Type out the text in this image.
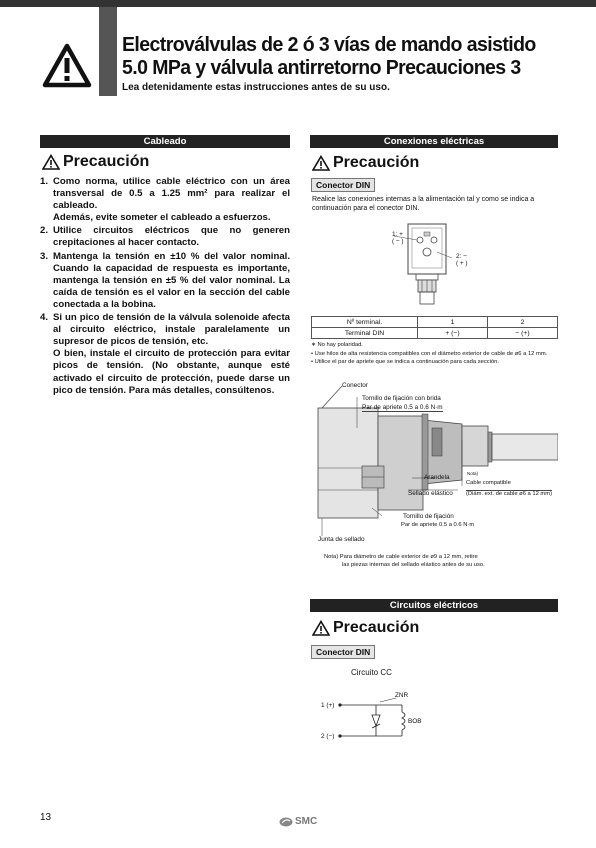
Electroválvulas de 2 ó 3 vías de mando asistido
5.0 MPa y válvula antirretorno Precauciones 3
Lea detenidamente estas instrucciones antes de su uso.
Cableado
Precaución
1. Como norma, utilice cable eléctrico con un área transversal de 0.5 a 1.25 mm² para realizar el cableado.

Además, evite someter el cableado a esfuerzos.

2. Utilice circuitos eléctricos que no generen crepitaciones al hacer contacto.

3. Mantenga la tensión en ±10 % del valor nominal. Cuando la capacidad de respuesta es importante, mantenga la tensión en ±5 % del valor nominal. La caída de tensión es el valor en la sección del cable conectada a la bobina.

4. Si un pico de tensión de la válvula solenoide afecta al circuito eléctrico, instale paralelamente un supresor de picos de tensión, etc.

O bien, instale el circuito de protección para evitar picos de tensión. (No obstante, aunque esté activado el circuito de protección, puede darse un pico de tensión. Para más detalles, consúltenos.

Conexiones eléctricas
Precaución
Conector DIN
Realice las conexiones internas a la alimentación tal y como se indica a continuación para el conector DIN.
1: +
( − )
2: −
( + )
Nº terminal.	1	2
Terminal DIN	+ (−)	− (+)
∗ No hay polaridad.
• Use hilos de alta resistencia compatibles con el diámetro exterior de cable de ø6 a 12 mm.
• Utilice el par de apriete que se indica a continuación para cada sección.
Conector
Tornillo de fijación con brida
Par de apriete 0.5 a 0.6 N·m
Arandela
Sellado elástico
Nota)
Cable compatible
(Diám. ext. de cable ø6 a 12 mm)
Tornillo de fijación
Par de apriete 0.5 a 0.6 N·m
Junta de sellado
Nota) Para diámetro de cable exterior de ø9 a 12 mm, retire
las piezas internas del sellado elástico antes de su uso.
Circuitos eléctricos
Precaución
Conector DIN
Circuito CC
ZNR
1 (+)
BOB
2 (−)
13	SMC
